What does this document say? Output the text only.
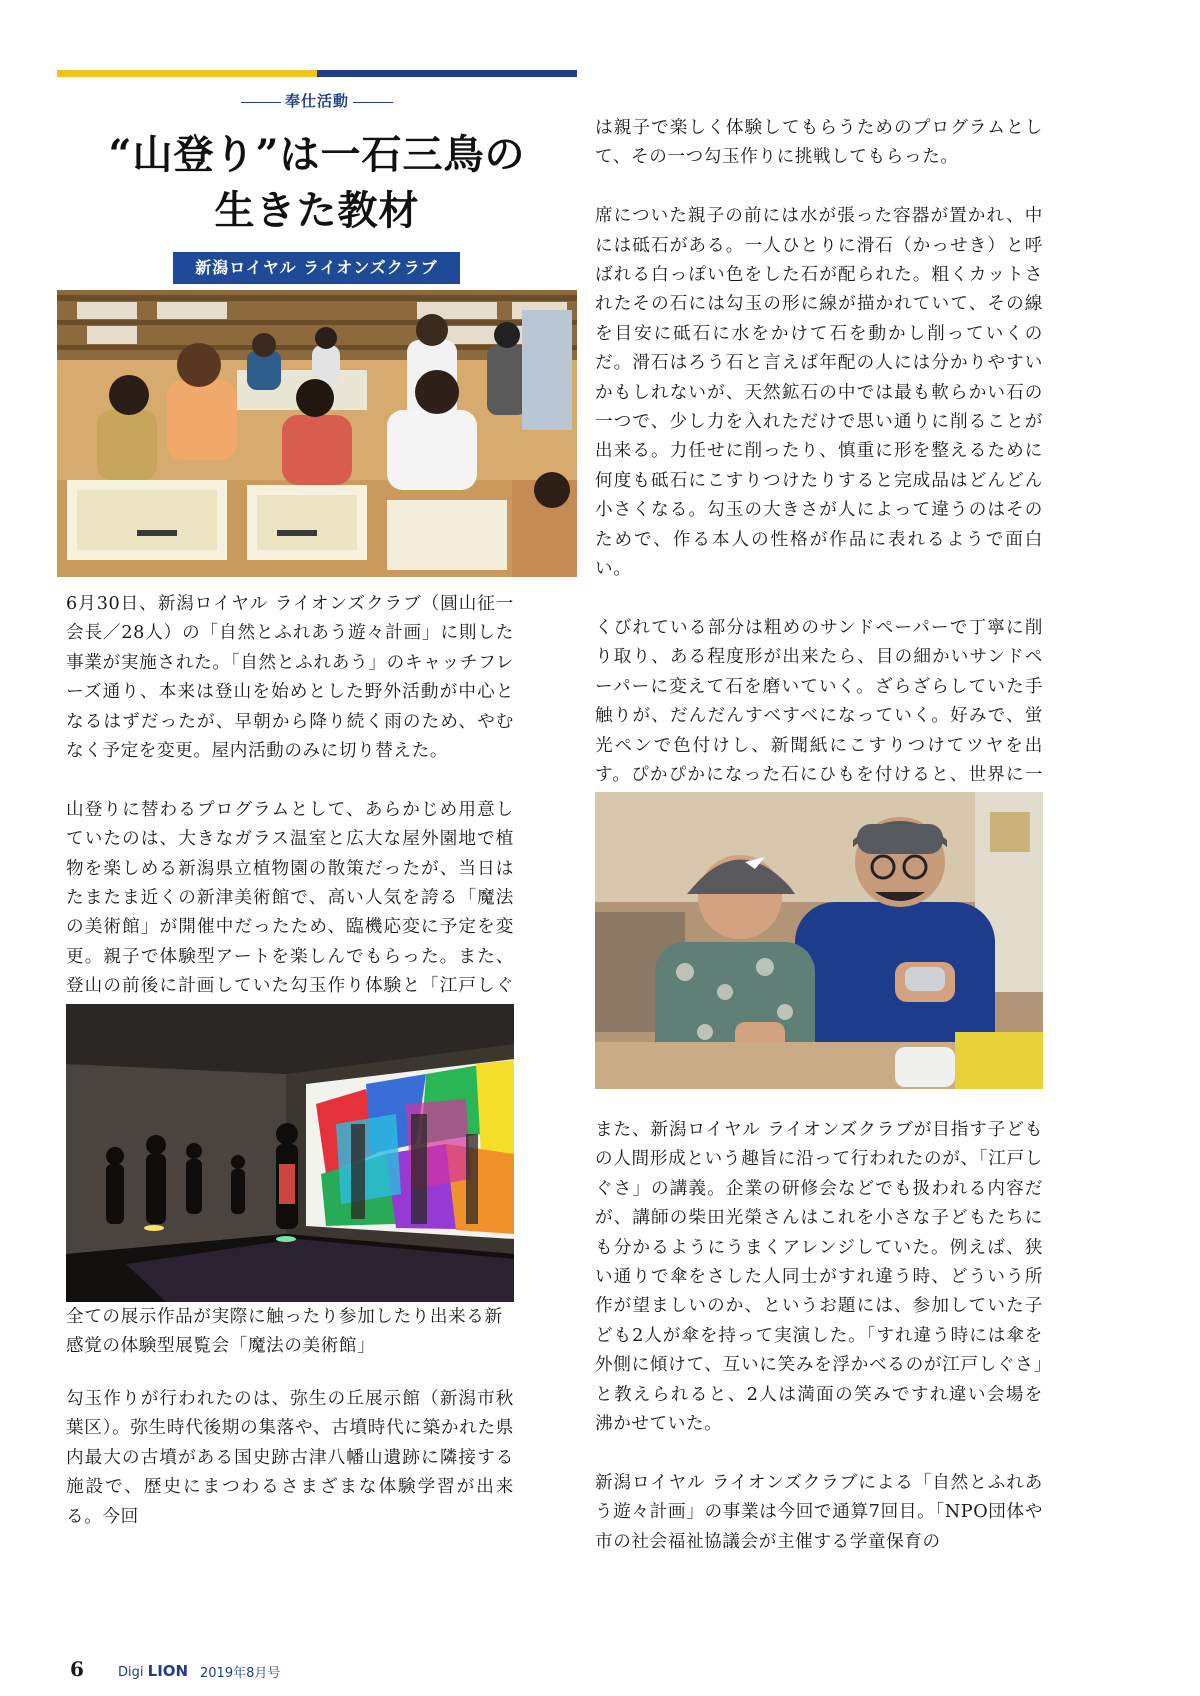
奉仕活動
“山登り”は一石三鳥の
生きた教材
新潟ロイヤル ライオンズクラブ

6月30日、新潟ロイヤル ライオンズクラブ（圓山征一会長／28人）の「自然とふれあう遊々計画」に則した事業が実施された。「自然とふれあう」のキャッチフレーズ通り、本来は登山を始めとした野外活動が中心となるはずだったが、早朝から降り続く雨のため、やむなく予定を変更。屋内活動のみに切り替えた。

山登りに替わるプログラムとして、あらかじめ用意していたのは、大きなガラス温室と広大な屋外園地で植物を楽しめる新潟県立植物園の散策だったが、当日はたまたま近くの新津美術館で、高い人気を誇る「魔法の美術館」が開催中だったため、臨機応変に予定を変更。親子で体験型アートを楽しんでもらった。また、登山の前後に計画していた勾玉作り体験と「江戸しぐ

全ての展示作品が実際に触ったり参加したり出来る新感覚の体験型展覧会「魔法の美術館」

勾玉作りが行われたのは、弥生の丘展示館（新潟市秋葉区）。弥生時代後期の集落や、古墳時代に築かれた県内最大の古墳がある国史跡古津八幡山遺跡に隣接する施設で、歴史にまつわるさまざまな体験学習が出来る。今回

は親子で楽しく体験してもらうためのプログラムとして、その一つ勾玉作りに挑戦してもらった。

席についた親子の前には水が張った容器が置かれ、中には砥石がある。一人ひとりに滑石（かっせき）と呼ばれる白っぽい色をした石が配られた。粗くカットされたその石には勾玉の形に線が描かれていて、その線を目安に砥石に水をかけて石を動かし削っていくのだ。滑石はろう石と言えば年配の人には分かりやすいかもしれないが、天然鉱石の中では最も軟らかい石の一つで、少し力を入れただけで思い通りに削ることが出来る。力任せに削ったり、慎重に形を整えるために何度も砥石にこすりつけたりすると完成品はどんどん小さくなる。勾玉の大きさが人によって違うのはそのためで、作る本人の性格が作品に表れるようで面白い。

くびれている部分は粗めのサンドペーパーで丁寧に削り取り、ある程度形が出来たら、目の細かいサンドペーパーに変えて石を磨いていく。ざらざらしていた手触りが、だんだんすべすべになっていく。好みで、蛍光ペンで色付けし、新聞紙にこすりつけてツヤを出す。ぴかぴかになった石にひもを付けると、世界に一

また、新潟ロイヤル ライオンズクラブが目指す子どもの人間形成という趣旨に沿って行われたのが、「江戸しぐさ」の講義。企業の研修会などでも扱われる内容だが、講師の柴田光榮さんはこれを小さな子どもたちにも分かるようにうまくアレンジしていた。例えば、狭い通りで傘をさした人同士がすれ違う時、どういう所作が望ましいのか、というお題には、参加していた子ども2人が傘を持って実演した。「すれ違う時には傘を外側に傾けて、互いに笑みを浮かべるのが江戸しぐさ」と教えられると、2人は満面の笑みですれ違い会場を沸かせていた。

新潟ロイヤル ライオンズクラブによる「自然とふれあう遊々計画」の事業は今回で通算7回目。「NPO団体や市の社会福祉協議会が主催する学童保育の

6	Digi LION 2019年8月号
